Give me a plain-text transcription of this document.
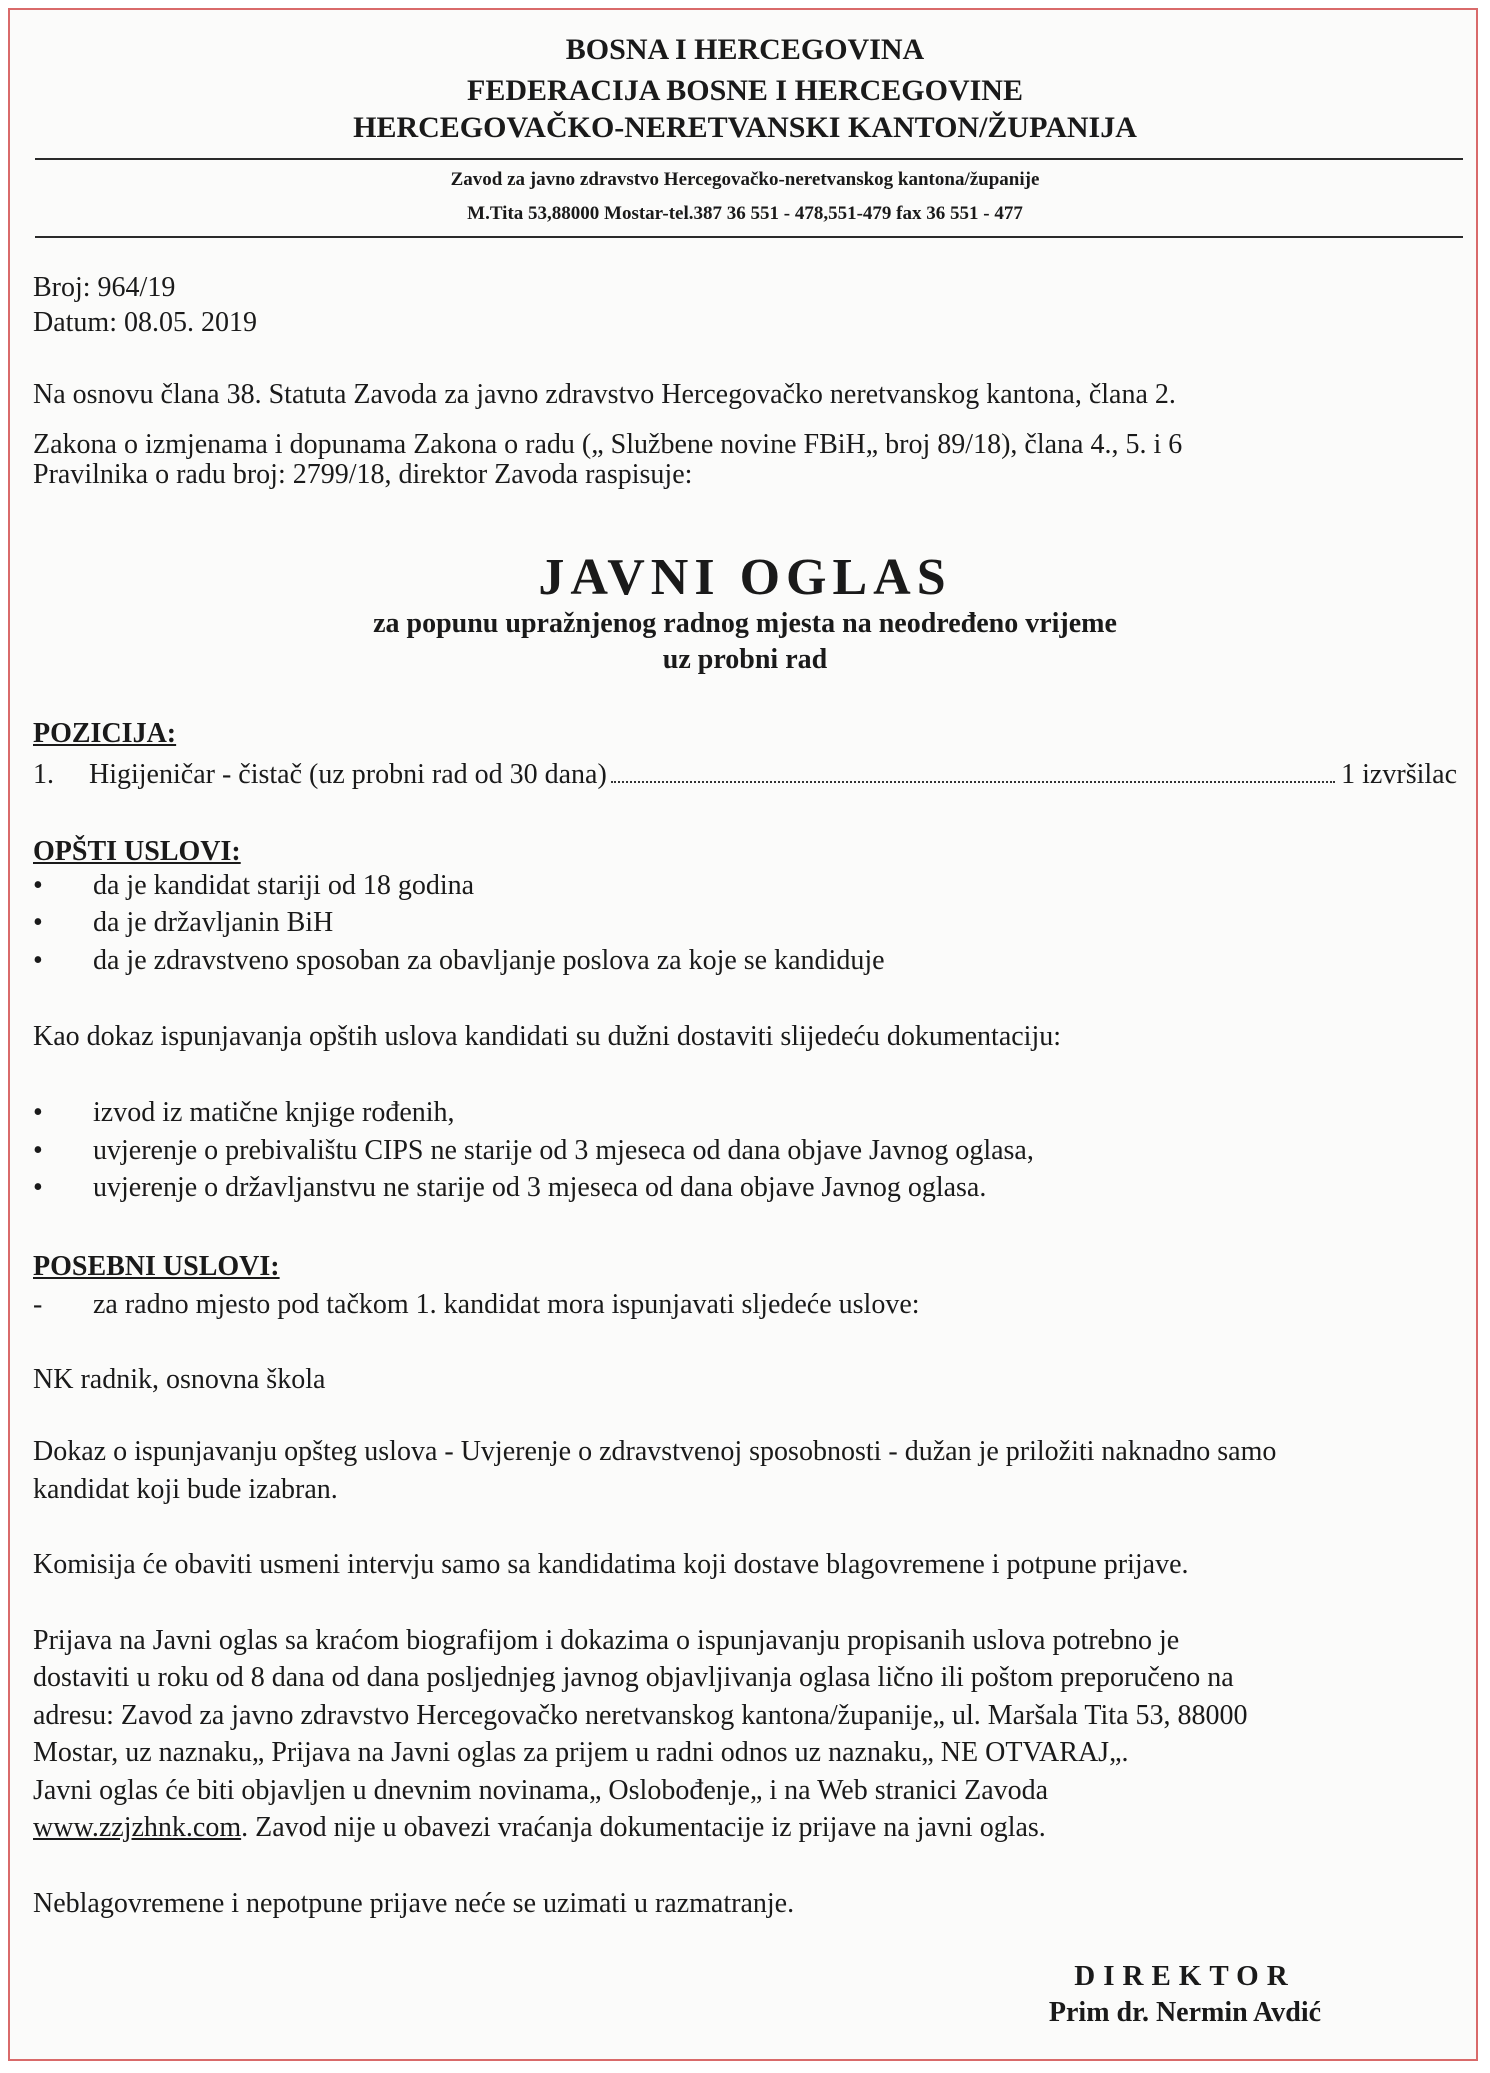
BOSNA I HERCEGOVINA
FEDERACIJA BOSNE I HERCEGOVINE
HERCEGOVAČKO-NERETVANSKI KANTON/ŽUPANIJA
Zavod za javno zdravstvo Hercegovačko-neretvanskog kantona/županije
M.Tita 53,88000 Mostar-tel.387 36 551 - 478,551-479 fax 36 551 - 477
Broj: 964/19
Datum: 08.05. 2019
Na osnovu člana 38. Statuta Zavoda za javno zdravstvo Hercegovačko neretvanskog kantona, člana 2.
Zakona o izmjenama i dopunama Zakona o radu („ Službene novine FBiH„ broj 89/18), člana 4., 5. i 6
Pravilnika o radu broj: 2799/18, direktor Zavoda raspisuje:
JAVNI OGLAS
za popunu upražnjenog radnog mjesta na neodređeno vrijeme
uz probni rad
POZICIJA:
1.	Higijeničar - čistač (uz probni rad od 30 dana)	1 izvršilac
OPŠTI USLOVI:
• da je kandidat stariji od 18 godina
• da je državljanin BiH
• da je zdravstveno sposoban za obavljanje poslova za koje se kandiduje
Kao dokaz ispunjavanja opštih uslova kandidati su dužni dostaviti slijedeću dokumentaciju:
• izvod iz matične knjige rođenih,
• uvjerenje o prebivalištu CIPS ne starije od 3 mjeseca od dana objave Javnog oglasa,
• uvjerenje o državljanstvu ne starije od 3 mjeseca od dana objave Javnog oglasa.
POSEBNI USLOVI:
- za radno mjesto pod tačkom 1. kandidat mora ispunjavati sljedeće uslove:
NK radnik, osnovna škola
Dokaz o ispunjavanju opšteg uslova - Uvjerenje o zdravstvenoj sposobnosti - dužan je priložiti naknadno samo
kandidat koji bude izabran.
Komisija će obaviti usmeni intervju samo sa kandidatima koji dostave blagovremene i potpune prijave.
Prijava na Javni oglas sa kraćom biografijom i dokazima o ispunjavanju propisanih uslova potrebno je
dostaviti u roku od 8 dana od dana posljednjeg javnog objavljivanja oglasa lično ili poštom preporučeno na
adresu: Zavod za javno zdravstvo Hercegovačko neretvanskog kantona/županije„ ul. Maršala Tita 53, 88000
Mostar, uz naznaku„ Prijava na Javni oglas za prijem u radni odnos uz naznaku„ NE OTVARAJ„.
Javni oglas će biti objavljen u dnevnim novinama„ Oslobođenje„ i na Web stranici Zavoda
www.zzjzhnk.com. Zavod nije u obavezi vraćanja dokumentacije iz prijave na javni oglas.
Neblagovremene i nepotpune prijave neće se uzimati u razmatranje.
DIREKTOR
Prim dr. Nermin Avdić
